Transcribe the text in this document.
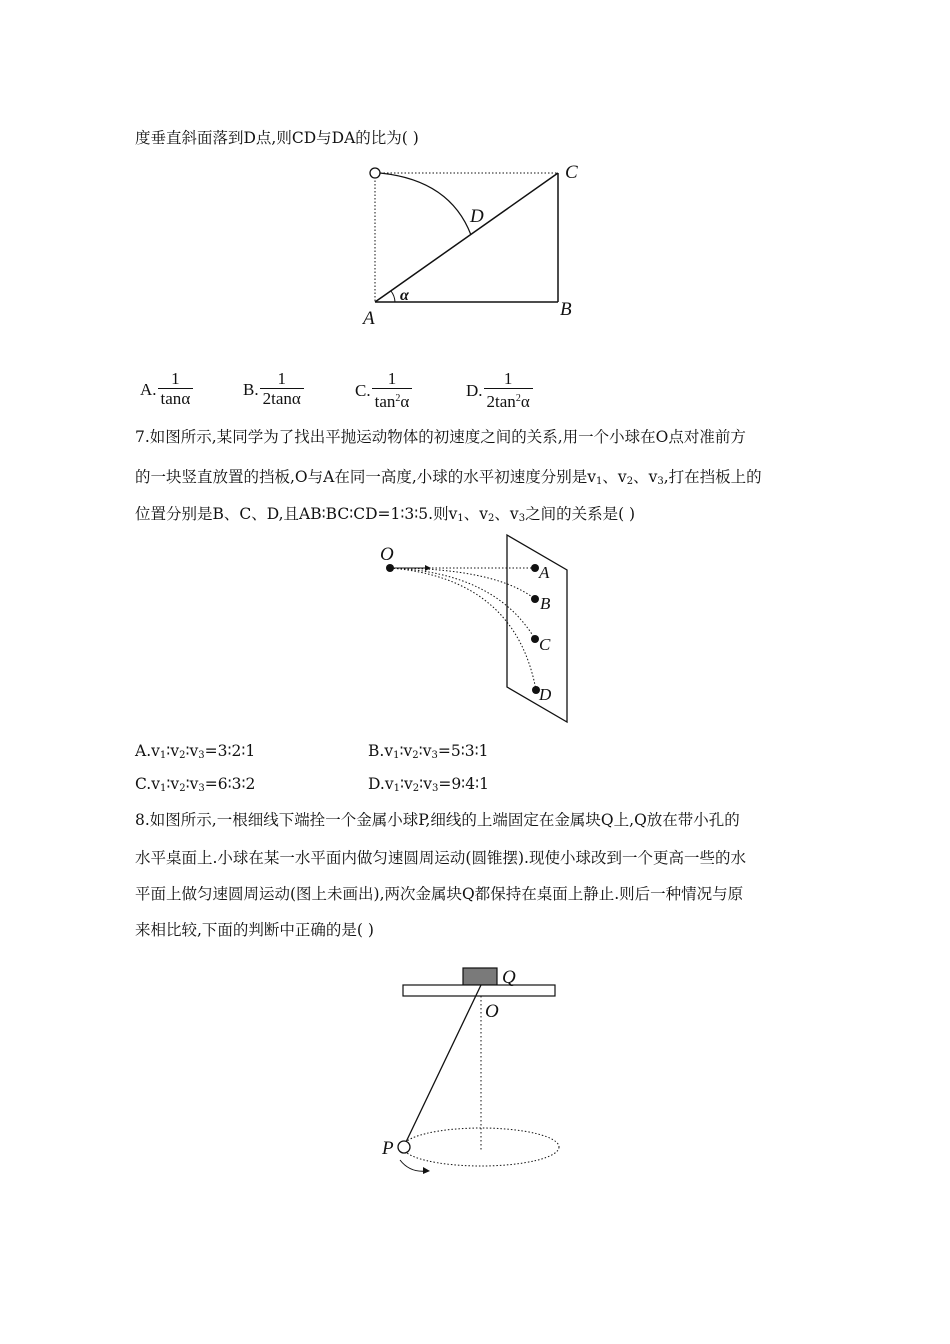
度垂直斜面落到D点,则CD与DA的比为( )
A	B
C
D
α
A. $\frac{1}{\tan\alpha}$	B. $\frac{1}{2\tan\alpha}$	C. $\frac{1}{\tan^2\alpha}$	D. $\frac{1}{2\tan^2\alpha}$
7.如图所示,某同学为了找出平抛运动物体的初速度之间的关系,用一个小球在O点对准前方
的一块竖直放置的挡板,O与A在同一高度,小球的水平初速度分别是$v_1$、$v_2$、$v_3$,打在挡板上的
位置分别是B、C、D,且AB∶BC∶CD=1∶3∶5.则$v_1$、$v_2$、$v_3$之间的关系是( )
O
A
B
C
D
$A.v_1∶v_2∶v_3=3∶2∶1$	$B.v_1∶v_2∶v_3=5∶3∶1$
$C.v_1∶v_2∶v_3=6∶3∶2$	$D.v_1∶v_2∶v_3=9∶4∶1$
8.如图所示,一根细线下端拴一个金属小球P,细线的上端固定在金属块Q上,Q放在带小孔的
水平桌面上.小球在某一水平面内做匀速圆周运动(圆锥摆).现使小球改到一个更高一些的水
平面上做匀速圆周运动(图上未画出),两次金属块Q都保持在桌面上静止.则后一种情况与原
来相比较,下面的判断中正确的是( )
Q
O
P
